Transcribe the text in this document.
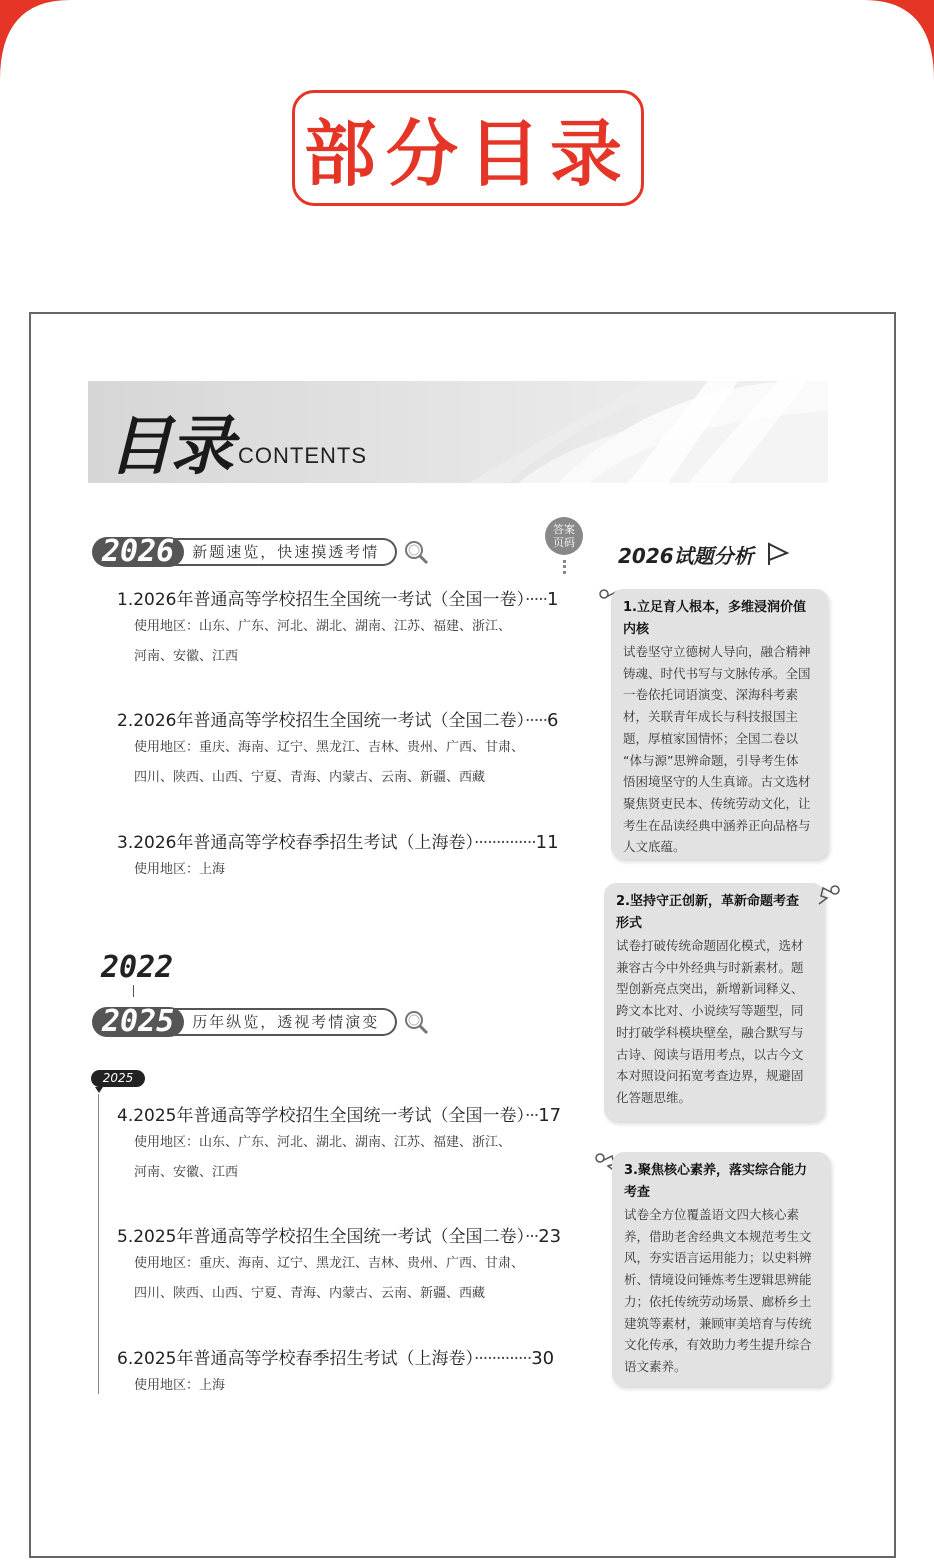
部分目录
目录 CONTENTS
2026	新题速览，快速摸透考情
答案
页码
1.2026年普通高等学校招生全国统一考试（全国一卷）·····1
使用地区：山东、广东、河北、湖北、湖南、江苏、福建、浙江、
河南、安徽、江西
2.2026年普通高等学校招生全国统一考试（全国二卷）·····6
使用地区：重庆、海南、辽宁、黑龙江、吉林、贵州、广西、甘肃、
四川、陕西、山西、宁夏、青海、内蒙古、云南、新疆、西藏
3.2026年普通高等学校春季招生考试（上海卷）··············11
使用地区：上海
2022
2025	历年纵览，透视考情演变
2025
4.2025年普通高等学校招生全国统一考试（全国一卷）···17
使用地区：山东、广东、河北、湖北、湖南、江苏、福建、浙江、
河南、安徽、江西
5.2025年普通高等学校招生全国统一考试（全国二卷）···23
使用地区：重庆、海南、辽宁、黑龙江、吉林、贵州、广西、甘肃、
四川、陕西、山西、宁夏、青海、内蒙古、云南、新疆、西藏
6.2025年普通高等学校春季招生考试（上海卷）·············30
使用地区：上海
2026试题分析
1.立足育人根本，多维浸润价值
内核
试卷坚守立德树人导向，融合精神
铸魂、时代书写与文脉传承。全国
一卷依托词语演变、深海科考素
材，关联青年成长与科技报国主
题，厚植家国情怀；全国二卷以
“体与源”思辨命题，引导考生体
悟困境坚守的人生真谛。古文选材
聚焦贤吏民本、传统劳动文化，让
考生在品读经典中涵养正向品格与
人文底蕴。
2.坚持守正创新，革新命题考查
形式
试卷打破传统命题固化模式，选材
兼容古今中外经典与时新素材。题
型创新亮点突出，新增新词释义、
跨文本比对、小说续写等题型，同
时打破学科模块壁垒，融合默写与
古诗、阅读与语用考点，以古今文
本对照设问拓宽考查边界，规避固
化答题思维。
3.聚焦核心素养，落实综合能力
考查
试卷全方位覆盖语文四大核心素
养，借助老舍经典文本规范考生文
风，夯实语言运用能力；以史料辨
析、情境设问锤炼考生逻辑思辨能
力；依托传统劳动场景、廊桥乡土
建筑等素材，兼顾审美培育与传统
文化传承，有效助力考生提升综合
语文素养。
